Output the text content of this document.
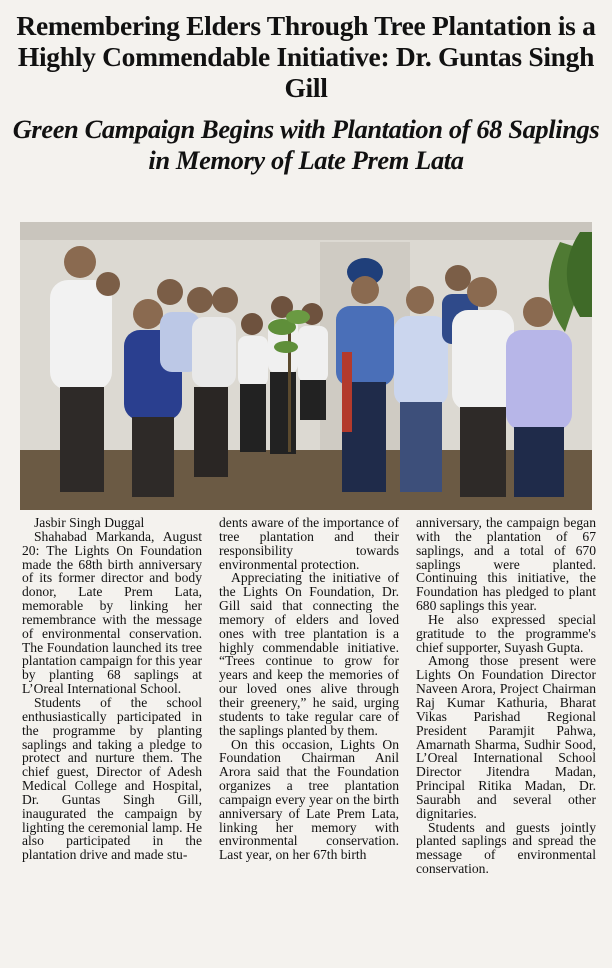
Remembering Elders Through Tree Plantation is a Highly Commendable Initiative: Dr. Guntas Singh Gill
Green Campaign Begins with Plantation of 68 Saplings in Memory of Late Prem Lata
Jasbir Singh Duggal

Shahabad Markanda, August 20: The Lights On Foundation made the 68th birth anniversary of its former director and body donor, Late Prem Lata, memorable by linking her remembrance with the message of environmental conservation. The Foundation launched its tree plantation campaign for this year by planting 68 saplings at L’Oreal International School.

Students of the school enthusiastically participated in the programme by planting saplings and taking a pledge to protect and nurture them. The chief guest, Director of Adesh Medical College and Hospital, Dr. Guntas Singh Gill, inaugurated the campaign by lighting the ceremonial lamp. He also participated in the plantation drive and made stu-

dents aware of the importance of tree plantation and their responsibility towards environmental protection.

Appreciating the initiative of the Lights On Foundation, Dr. Gill said that connecting the memory of elders and loved ones with tree plantation is a highly commendable initiative. “Trees continue to grow for years and keep the memories of our loved ones alive through their greenery,” he said, urging students to take regular care of the saplings planted by them.

On this occasion, Lights On Foundation Chairman Anil Arora said that the Foundation organizes a tree plantation campaign every year on the birth anniversary of Late Prem Lata, linking her memory with environmental conservation. Last year, on her 67th birth

anniversary, the campaign began with the plantation of 67 saplings, and a total of 670 saplings were planted. Continuing this initiative, the Foundation has pledged to plant 680 saplings this year.

He also expressed special gratitude to the programme's chief supporter, Suyash Gupta.

Among those present were Lights On Foundation Director Naveen Arora, Project Chairman Raj Kumar Kathuria, Bharat Vikas Parishad Regional President Paramjit Pahwa, Amarnath Sharma, Sudhir Sood, L’Oreal International School Director Jitendra Madan, Principal Ritika Madan, Dr. Saurabh and several other dignitaries.

Students and guests jointly planted saplings and spread the message of environmental conservation.
